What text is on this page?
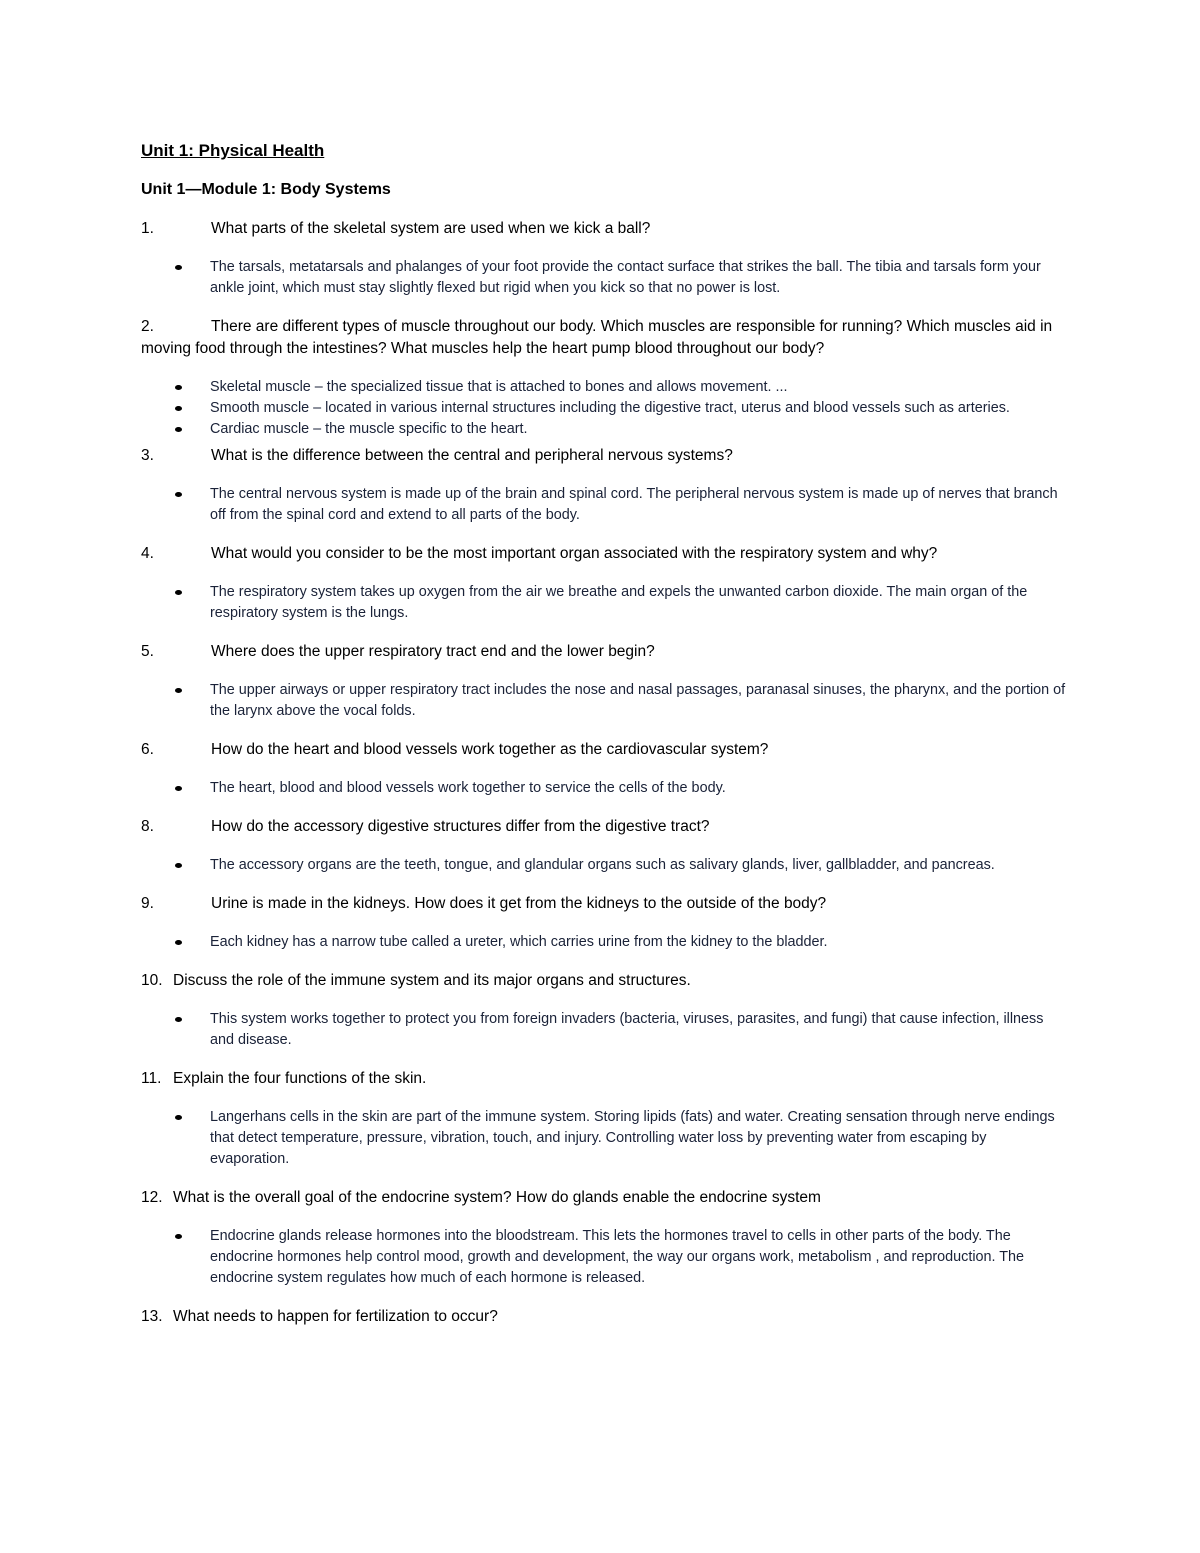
Unit 1: Physical Health
Unit 1—Module 1: Body Systems

1.	What parts of the skeletal system are used when we kick a ball?

The tarsals, metatarsals and phalanges of your foot provide the contact surface that strikes the ball. The tibia and tarsals form your ankle joint, which must stay slightly flexed but rigid when you kick so that no power is lost.

2.	There are different types of muscle throughout our body. Which muscles are responsible for running? Which muscles aid in moving food through the intestines? What muscles help the heart pump blood throughout our body?

Skeletal muscle – the specialized tissue that is attached to bones and allows movement. ...
Smooth muscle – located in various internal structures including the digestive tract, uterus and blood vessels such as arteries.
Cardiac muscle – the muscle specific to the heart.

3.	What is the difference between the central and peripheral nervous systems?

The central nervous system is made up of the brain and spinal cord. The peripheral nervous system is made up of nerves that branch off from the spinal cord and extend to all parts of the body.

4.	What would you consider to be the most important organ associated with the respiratory system and why?

The respiratory system takes up oxygen from the air we breathe and expels the unwanted carbon dioxide. The main organ of the respiratory system is the lungs.

5.	Where does the upper respiratory tract end and the lower begin?

The upper airways or upper respiratory tract includes the nose and nasal passages, paranasal sinuses, the pharynx, and the portion of the larynx above the vocal folds.

6.	How do the heart and blood vessels work together as the cardiovascular system?

The heart, blood and blood vessels work together to service the cells of the body.

8.	How do the accessory digestive structures differ from the digestive tract?

The accessory organs are the teeth, tongue, and glandular organs such as salivary glands, liver, gallbladder, and pancreas.

9.	Urine is made in the kidneys. How does it get from the kidneys to the outside of the body?

Each kidney has a narrow tube called a ureter, which carries urine from the kidney to the bladder.

10. Discuss the role of the immune system and its major organs and structures.

This system works together to protect you from foreign invaders (bacteria, viruses, parasites, and fungi) that cause infection, illness and disease.

11. Explain the four functions of the skin.

Langerhans cells in the skin are part of the immune system. Storing lipids (fats) and water. Creating sensation through nerve endings that detect temperature, pressure, vibration, touch, and injury. Controlling water loss by preventing water from escaping by evaporation.

12. What is the overall goal of the endocrine system? How do glands enable the endocrine system

Endocrine glands release hormones into the bloodstream. This lets the hormones travel to cells in other parts of the body. The endocrine hormones help control mood, growth and development, the way our organs work, metabolism , and reproduction. The endocrine system regulates how much of each hormone is released.

13. What needs to happen for fertilization to occur?
